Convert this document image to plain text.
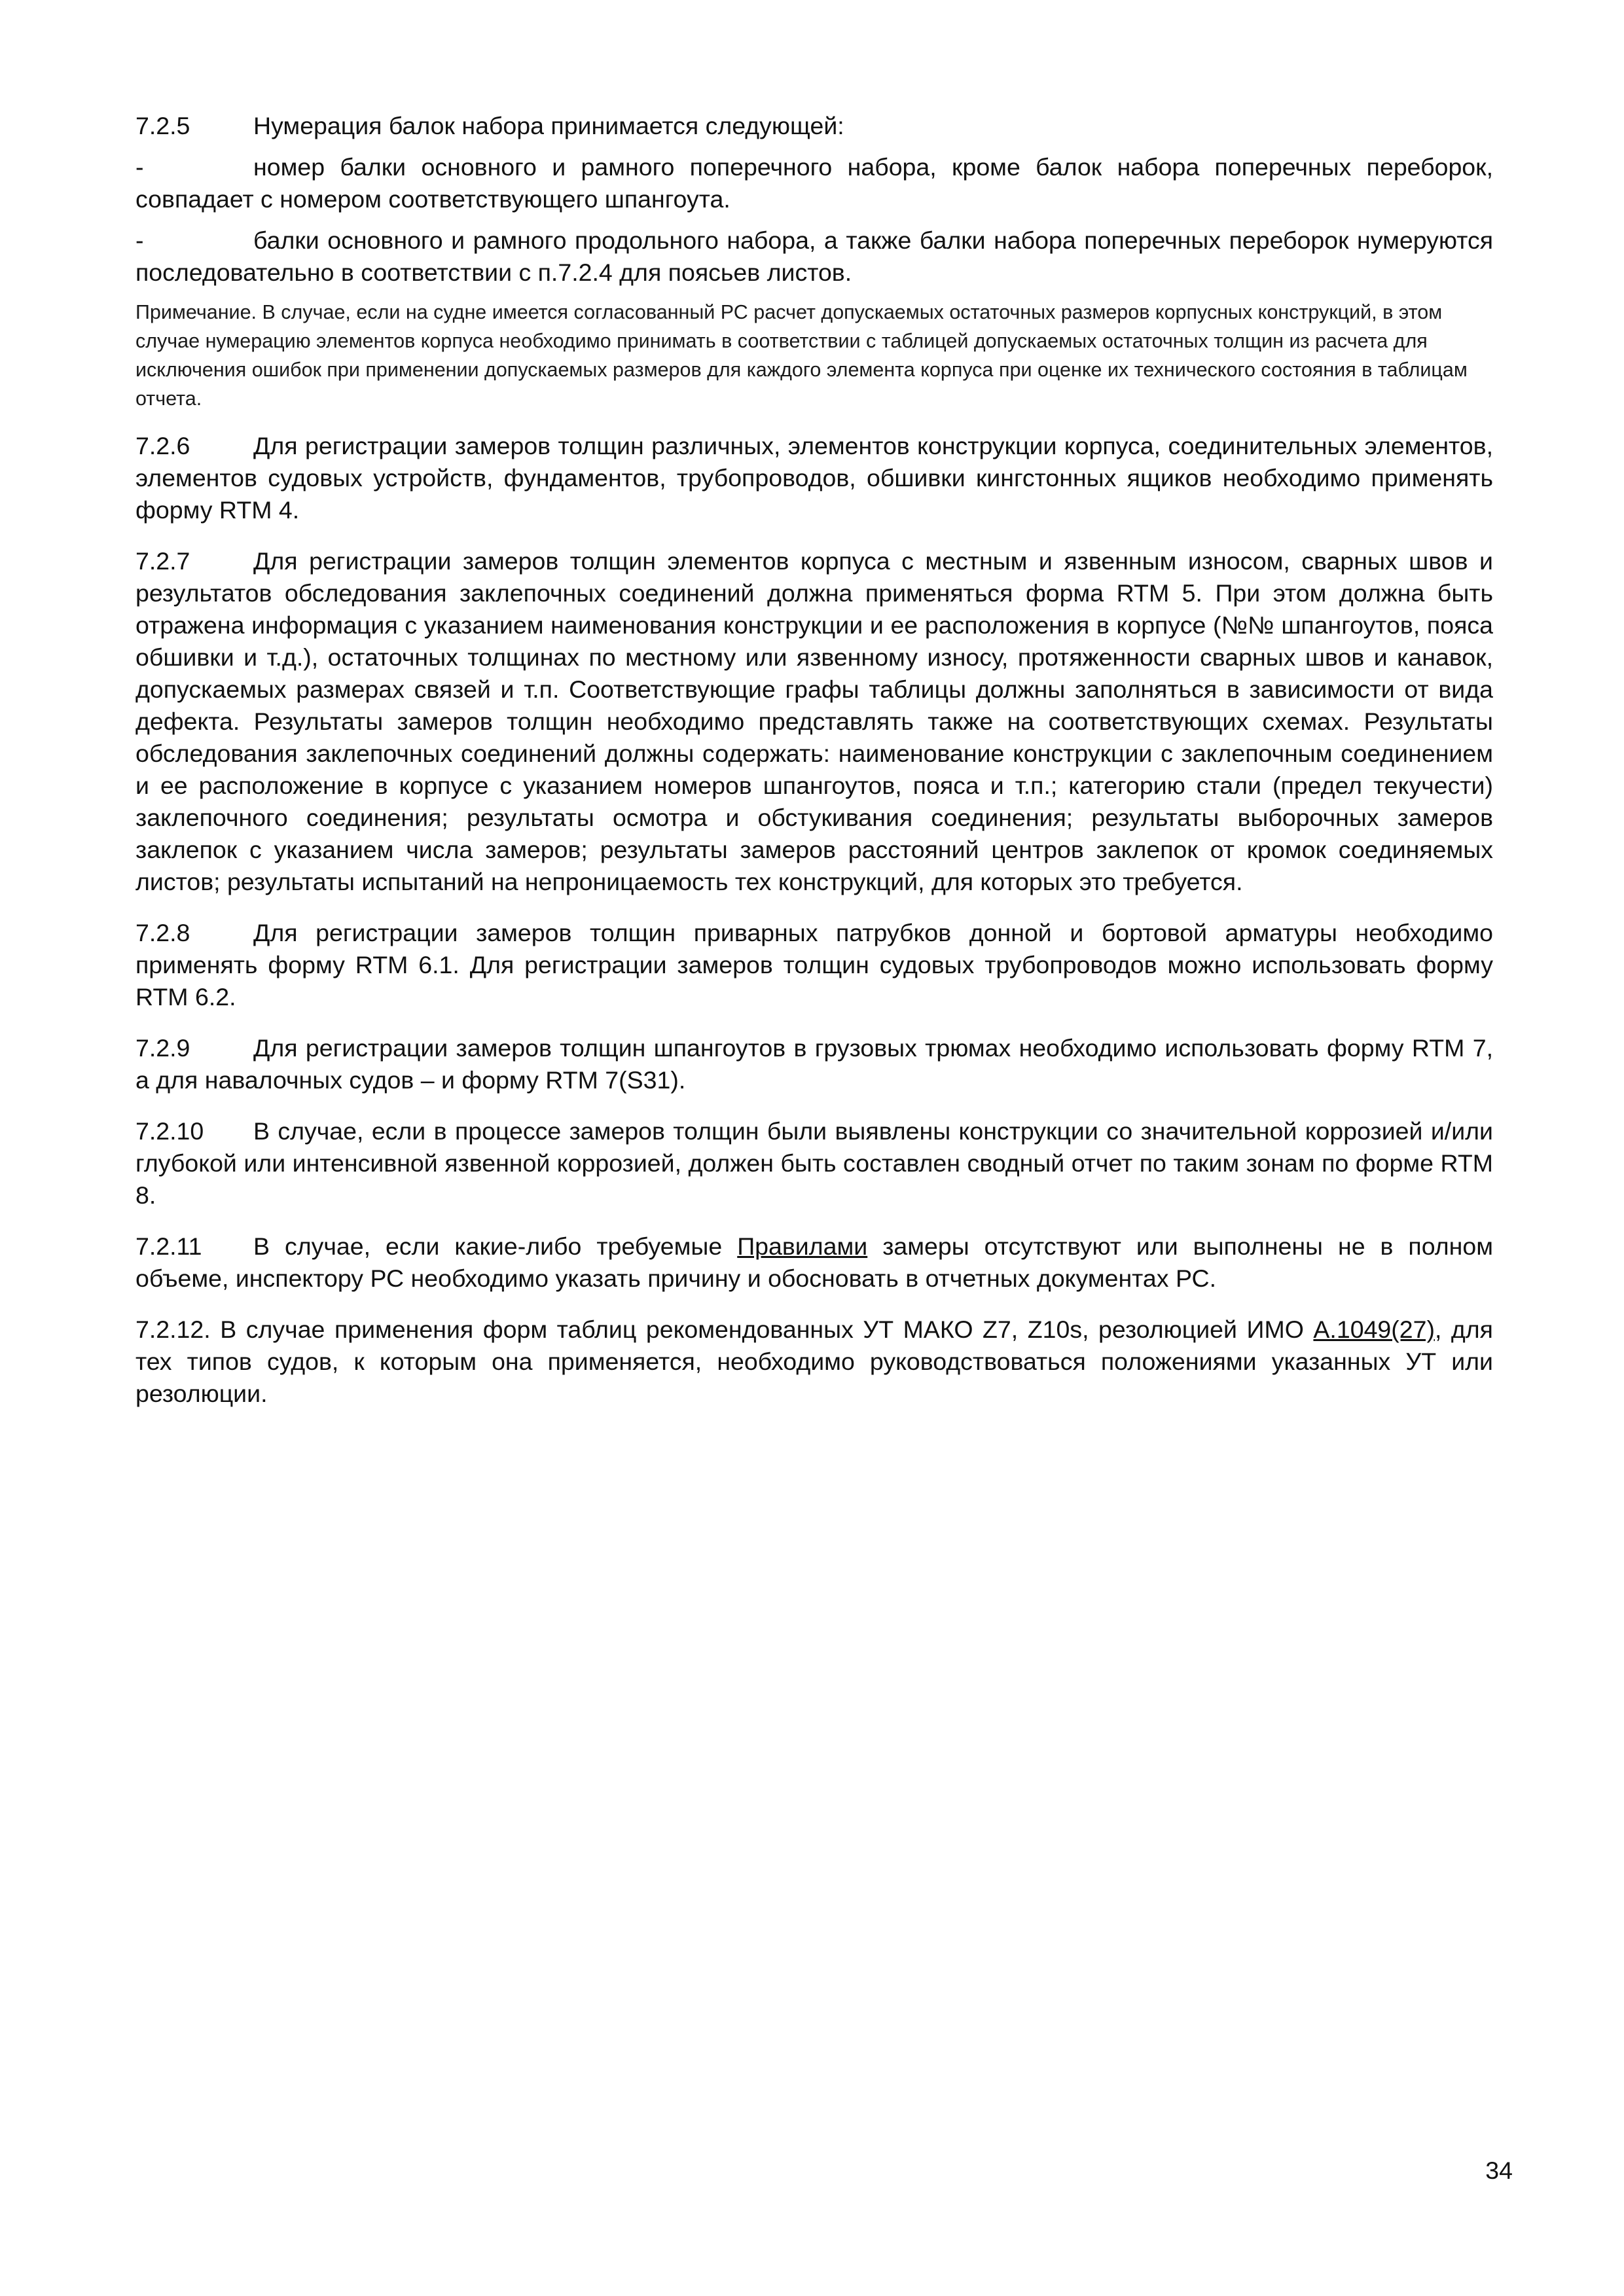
7.2.5	Нумерация балок набора принимается следующей:

-	номер балки основного и рамного поперечного набора, кроме балок набора поперечных переборок, совпадает с номером соответствующего шпангоута.

-	балки основного и рамного продольного набора, а также балки набора поперечных переборок нумеруются последовательно в соответствии с п.7.2.4 для поясьев листов.

Примечание. В случае, если на судне имеется согласованный РС расчет допускаемых остаточных размеров корпусных конструкций, в этом случае нумерацию элементов корпуса необходимо принимать в соответствии с таблицей допускаемых остаточных толщин из расчета для исключения ошибок при применении допускаемых размеров для каждого элемента корпуса при оценке их технического состояния в таблицам отчета.

7.2.6	Для регистрации замеров толщин различных, элементов конструкции корпуса, соединительных элементов, элементов судовых устройств, фундаментов, трубопроводов, обшивки кингстонных ящиков необходимо применять форму RTM 4.

7.2.7	Для регистрации замеров толщин элементов корпуса с местным и язвенным износом, сварных швов и результатов обследования заклепочных соединений должна применяться форма RTM 5. При этом должна быть отражена информация с указанием наименования конструкции и ее расположения в корпусе (№№ шпангоутов, пояса обшивки и т.д.), остаточных толщинах по местному или язвенному износу, протяженности сварных швов и канавок, допускаемых размерах связей и т.п. Соответствующие графы таблицы должны заполняться в зависимости от вида дефекта. Результаты замеров толщин необходимо представлять также на соответствующих схемах. Результаты обследования заклепочных соединений должны содержать: наименование конструкции с заклепочным соединением и ее расположение в корпусе с указанием номеров шпангоутов, пояса и т.п.; категорию стали (предел текучести) заклепочного соединения; результаты осмотра и обстукивания соединения; результаты выборочных замеров заклепок с указанием числа замеров; результаты замеров расстояний центров заклепок от кромок соединяемых листов; результаты испытаний на непроницаемость тех конструкций, для которых это требуется.

7.2.8	Для регистрации замеров толщин приварных патрубков донной и бортовой арматуры необходимо применять форму RTM 6.1. Для регистрации замеров толщин судовых трубопроводов можно использовать форму RTM 6.2.

7.2.9	Для регистрации замеров толщин шпангоутов в грузовых трюмах необходимо использовать форму RTM 7, а для навалочных судов – и форму RTM 7(S31).

7.2.10 В случае, если в процессе замеров толщин были выявлены конструкции со значительной коррозией и/или глубокой или интенсивной язвенной коррозией, должен быть составлен сводный отчет по таким зонам по форме RTM 8.

7.2.11 В случае, если какие-либо требуемые Правилами замеры отсутствуют или выполнены не в полном объеме, инспектору РС необходимо указать причину и обосновать в отчетных документах РС.

7.2.12. В случае применения форм таблиц рекомендованных УТ МАКО Z7, Z10s, резолюцией ИМО А.1049(27), для тех типов судов, к которым она применяется, необходимо руководствоваться положениями указанных УТ или резолюции.

34
